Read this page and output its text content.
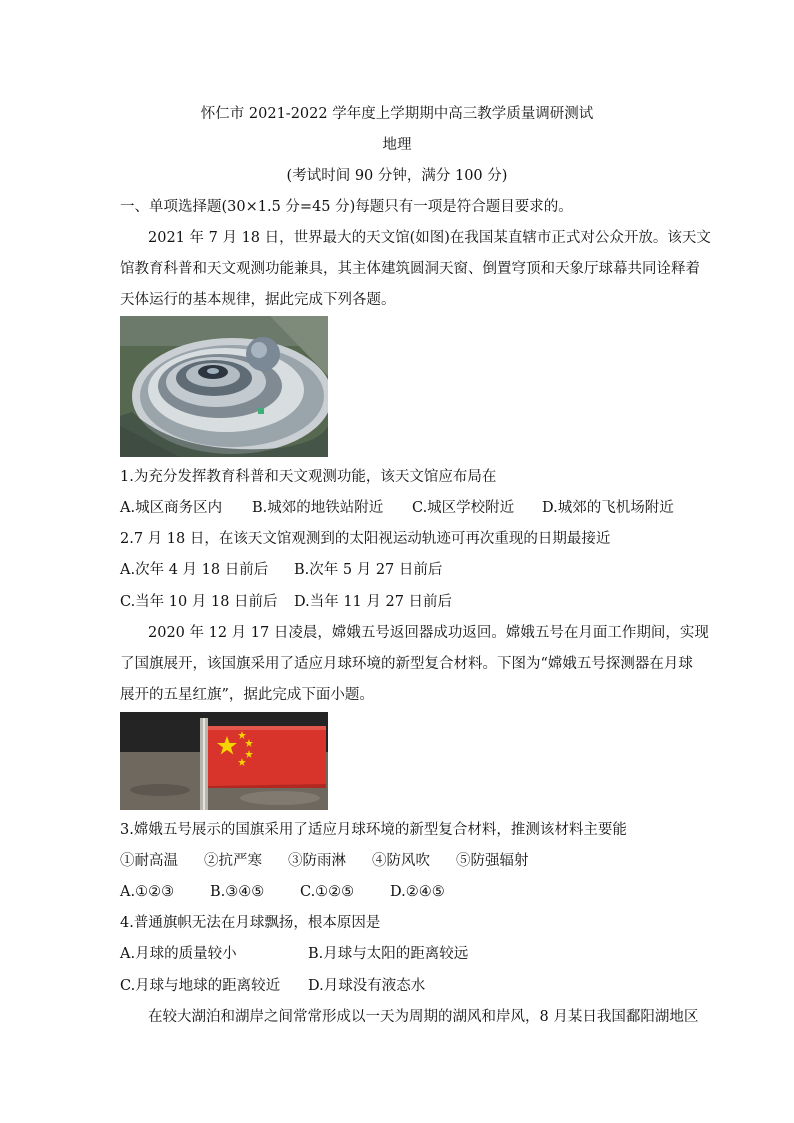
怀仁市 2021-2022 学年度上学期期中高三教学质量调研测试
地理
(考试时间 90 分钟，满分 100 分)
一、单项选择题(30×1.5 分=45 分)每题只有一项是符合题目要求的。
2021 年 7 月 18 日，世界最大的天文馆(如图)在我国某直辖市正式对公众开放。该天文
馆教育科普和天文观测功能兼具，其主体建筑圆洞天窗、倒置穹顶和天象厅球幕共同诠释着
天体运行的基本规律，据此完成下列各题。
1.为充分发挥教育科普和天文观测功能，该天文馆应布局在
A.城区商务区内 B.城郊的地铁站附近 C.城区学校附近 D.城郊的飞机场附近
2.7 月 18 日，在该天文馆观测到的太阳视运动轨迹可再次重现的日期最接近
A.次年 4 月 18 日前后 B.次年 5 月 27 日前后
C.当年 10 月 18 日前后 D.当年 11 月 27 日前后
2020 年 12 月 17 日凌晨，嫦娥五号返回器成功返回。嫦娥五号在月面工作期间，实现
了国旗展开，该国旗采用了适应月球环境的新型复合材料。下图为“嫦娥五号探测器在月球
展开的五星红旗”，据此完成下面小题。
3.嫦娥五号展示的国旗采用了适应月球环境的新型复合材料，推测该材料主要能
①耐高温 ②抗严寒 ③防雨淋 ④防风吹 ⑤防强辐射
A.①②③ B.③④⑤ C.①②⑤ D.②④⑤
4.普通旗帜无法在月球飘扬，根本原因是
A.月球的质量较小	B.月球与太阳的距离较远
C.月球与地球的距离较近 D.月球没有液态水
在较大湖泊和湖岸之间常常形成以一天为周期的湖风和岸风，8 月某日我国鄱阳湖地区
